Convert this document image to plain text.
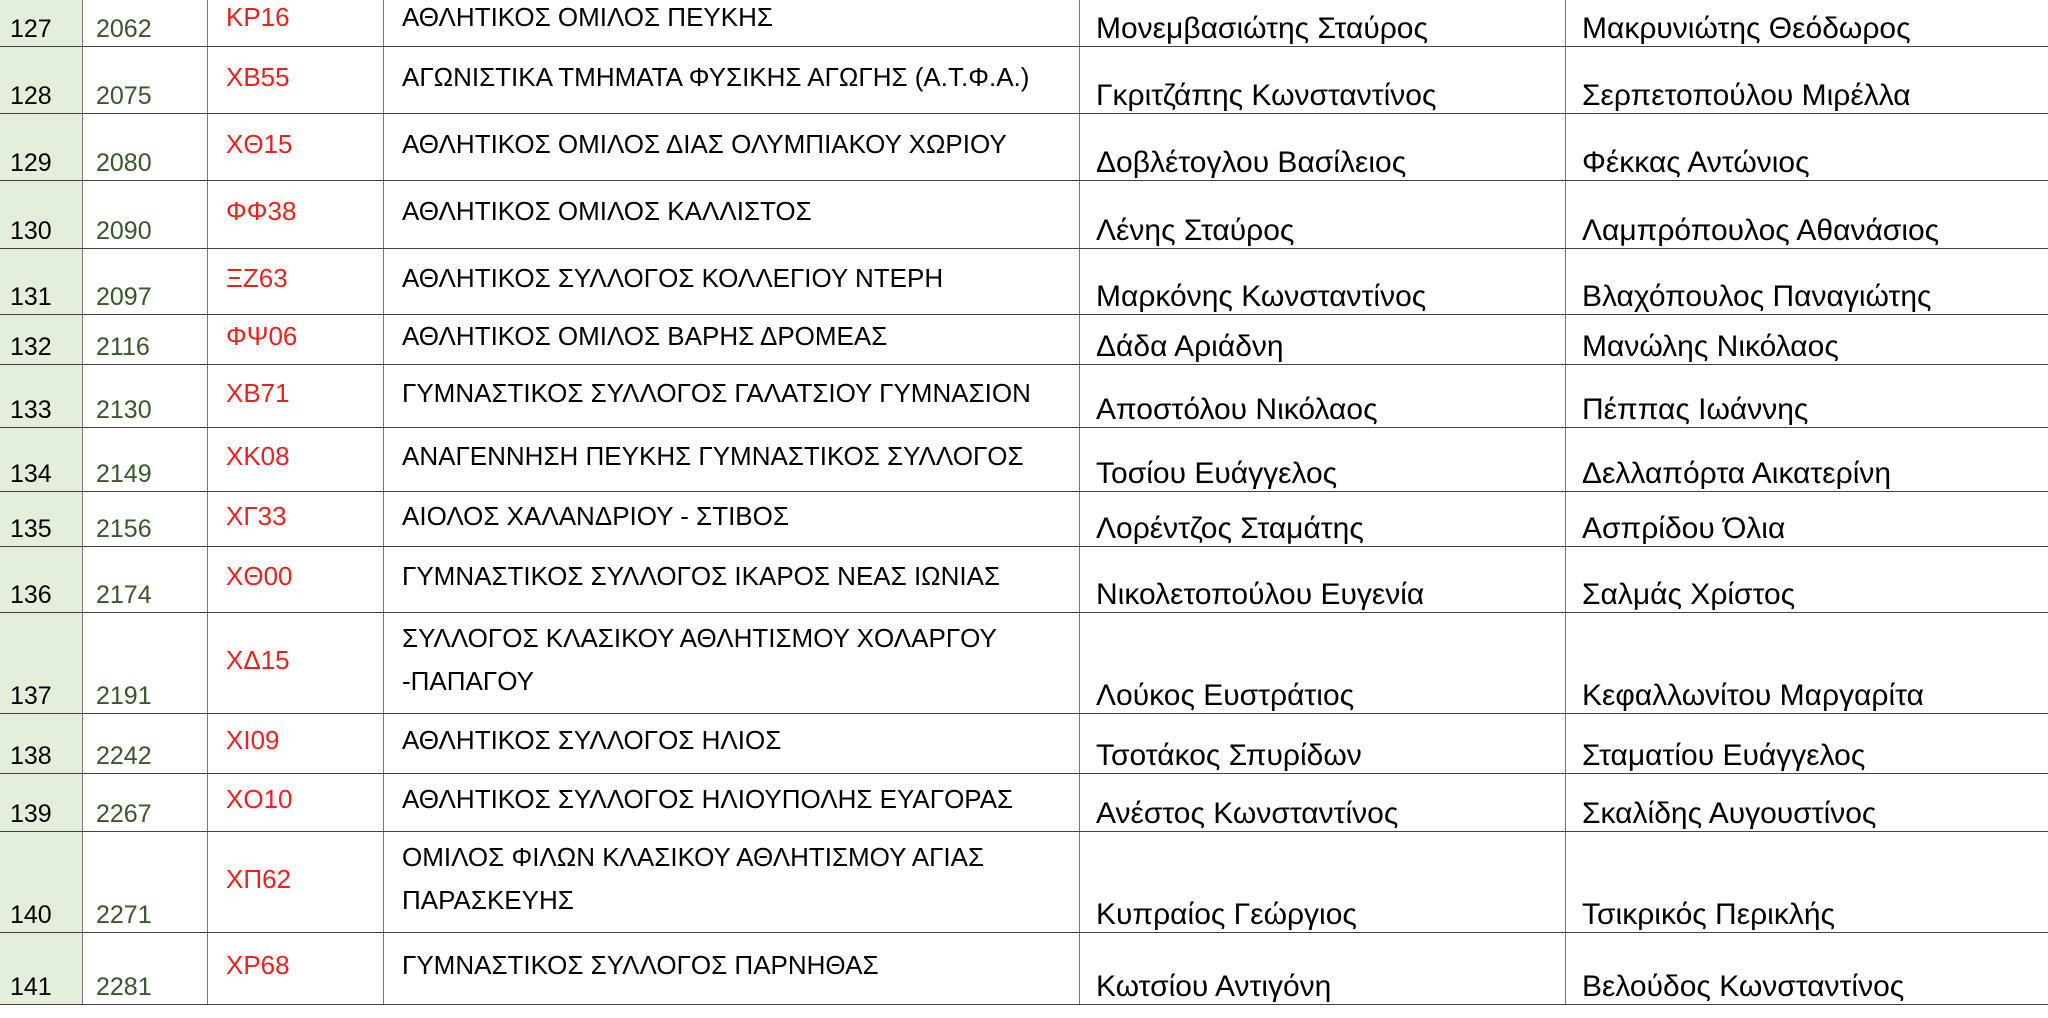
127	2062	ΚΡ16	ΑΘΛΗΤΙΚΟΣ ΟΜΙΛΟΣ ΠΕΥΚΗΣ	Μονεμβασιώτης Σταύρος	Μακρυνιώτης Θεόδωρος
128	2075	ΧΒ55	ΑΓΩΝΙΣΤΙΚΑ ΤΜΗΜΑΤΑ ΦΥΣΙΚΗΣ ΑΓΩΓΗΣ (Α.Τ.Φ.Α.)	Γκριτζάπης Κωνσταντίνος	Σερπετοπούλου Μιρέλλα
129	2080	ΧΘ15	ΑΘΛΗΤΙΚΟΣ ΟΜΙΛΟΣ ΔΙΑΣ ΟΛΥΜΠΙΑΚΟΥ ΧΩΡΙΟΥ	Δοβλέτογλου Βασίλειος	Φέκκας Αντώνιος
130	2090	ΦΦ38	ΑΘΛΗΤΙΚΟΣ ΟΜΙΛΟΣ ΚΑΛΛΙΣΤΟΣ	Λένης Σταύρος	Λαμπρόπουλος Αθανάσιος
131	2097	ΞΖ63	ΑΘΛΗΤΙΚΟΣ ΣΥΛΛΟΓΟΣ ΚΟΛΛΕΓΙΟΥ ΝΤΕΡΗ	Μαρκόνης Κωνσταντίνος	Βλαχόπουλος Παναγιώτης
132	2116	ΦΨ06	ΑΘΛΗΤΙΚΟΣ ΟΜΙΛΟΣ ΒΑΡΗΣ ΔΡΟΜΕΑΣ	Δάδα Αριάδνη	Μανώλης Νικόλαος
133	2130	ΧΒ71	ΓΥΜΝΑΣΤΙΚΟΣ ΣΥΛΛΟΓΟΣ ΓΑΛΑΤΣΙΟΥ ΓΥΜΝΑΣΙΟΝ	Αποστόλου Νικόλαος	Πέππας Ιωάννης
134	2149	ΧΚ08	ΑΝΑΓΕΝΝΗΣΗ ΠΕΥΚΗΣ ΓΥΜΝΑΣΤΙΚΟΣ ΣΥΛΛΟΓΟΣ	Τοσίου Ευάγγελος	Δελλαπόρτα Αικατερίνη
135	2156	ΧΓ33	ΑΙΟΛΟΣ ΧΑΛΑΝΔΡΙΟΥ - ΣΤΙΒΟΣ	Λορέντζος Σταμάτης	Ασπρίδου Όλια
136	2174	ΧΘ00	ΓΥΜΝΑΣΤΙΚΟΣ ΣΥΛΛΟΓΟΣ ΙΚΑΡΟΣ ΝΕΑΣ ΙΩΝΙΑΣ	Νικολετοπούλου Ευγενία	Σαλμάς Χρίστος
137	2191	ΧΔ15	ΣΥΛΛΟΓΟΣ ΚΛΑΣΙΚΟΥ ΑΘΛΗΤΙΣΜΟΥ ΧΟΛΑΡΓΟΥ -ΠΑΠΑΓΟΥ	Λούκος Ευστράτιος	Κεφαλλωνίτου Μαργαρίτα
138	2242	ΧΙ09	ΑΘΛΗΤΙΚΟΣ ΣΥΛΛΟΓΟΣ ΗΛΙΟΣ	Τσοτάκος Σπυρίδων	Σταματίου Ευάγγελος
139	2267	ΧΟ10	ΑΘΛΗΤΙΚΟΣ ΣΥΛΛΟΓΟΣ ΗΛΙΟΥΠΟΛΗΣ ΕΥΑΓΟΡΑΣ	Ανέστος Κωνσταντίνος	Σκαλίδης Αυγουστίνος
140	2271	ΧΠ62	ΟΜΙΛΟΣ ΦΙΛΩΝ ΚΛΑΣΙΚΟΥ ΑΘΛΗΤΙΣΜΟΥ ΑΓΙΑΣ ΠΑΡΑΣΚΕΥΗΣ	Κυπραίος Γεώργιος	Τσικρικός Περικλής
141	2281	ΧΡ68	ΓΥΜΝΑΣΤΙΚΟΣ ΣΥΛΛΟΓΟΣ ΠΑΡΝΗΘΑΣ	Κωτσίου Αντιγόνη	Βελούδος Κωνσταντίνος
